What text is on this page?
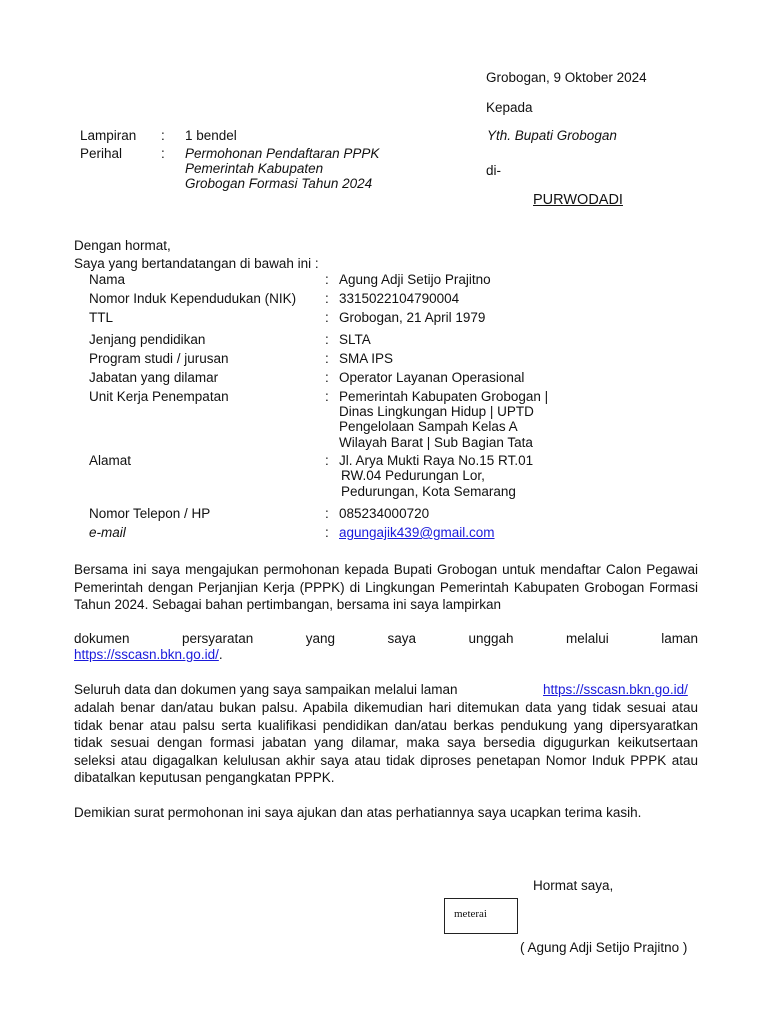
Grobogan, 9 Oktober 2024
Kepada
Yth. Bupati Grobogan
di-
PURWODADI
Lampiran : 1 bendel
Perihal	: Permohonan Pendaftaran PPPK
Pemerintah Kabupaten
Grobogan Formasi Tahun 2024
Dengan hormat,
Saya yang bertandatangan di bawah ini :
Nama	: Agung Adji Setijo Prajitno
Nomor Induk Kependudukan (NIK) : 3315022104790004
TTL	: Grobogan, 21 April 1979
Jenjang pendidikan	: SLTA
Program studi / jurusan	: SMA IPS
Jabatan yang dilamar	: Operator Layanan Operasional
Unit Kerja Penempatan	: Pemerintah Kabupaten Grobogan |
Dinas Lingkungan Hidup | UPTD
Pengelolaan Sampah Kelas A
Wilayah Barat | Sub Bagian Tata
Alamat	: Jl. Arya Mukti Raya No.15 RT.01
RW.04 Pedurungan Lor,
Pedurungan, Kota Semarang
Nomor Telepon / HP	: 085234000720
e-mail	: agungajik439@gmail.com
Bersama ini saya mengajukan permohonan kepada Bupati Grobogan untuk mendaftar Calon Pegawai Pemerintah dengan Perjanjian Kerja (PPPK) di Lingkungan Pemerintah Kabupaten Grobogan Formasi Tahun 2024. Sebagai bahan pertimbangan, bersama ini saya lampirkan
dokumen persyaratan yang saya unggah melalui laman
https://sscasn.bkn.go.id/.
Seluruh data dan dokumen yang saya sampaikan melalui laman	https://sscasn.bkn.go.id/
adalah benar dan/atau bukan palsu. Apabila dikemudian hari ditemukan data yang tidak sesuai atau tidak benar atau palsu serta kualifikasi pendidikan dan/atau berkas pendukung yang dipersyaratkan tidak sesuai dengan formasi jabatan yang dilamar, maka saya bersedia digugurkan keikutsertaan seleksi atau digagalkan kelulusan akhir saya atau tidak diproses penetapan Nomor Induk PPPK atau dibatalkan keputusan pengangkatan PPPK.
Demikian surat permohonan ini saya ajukan dan atas perhatiannya saya ucapkan terima kasih.
Hormat saya,
meterai
( Agung Adji Setijo Prajitno )
